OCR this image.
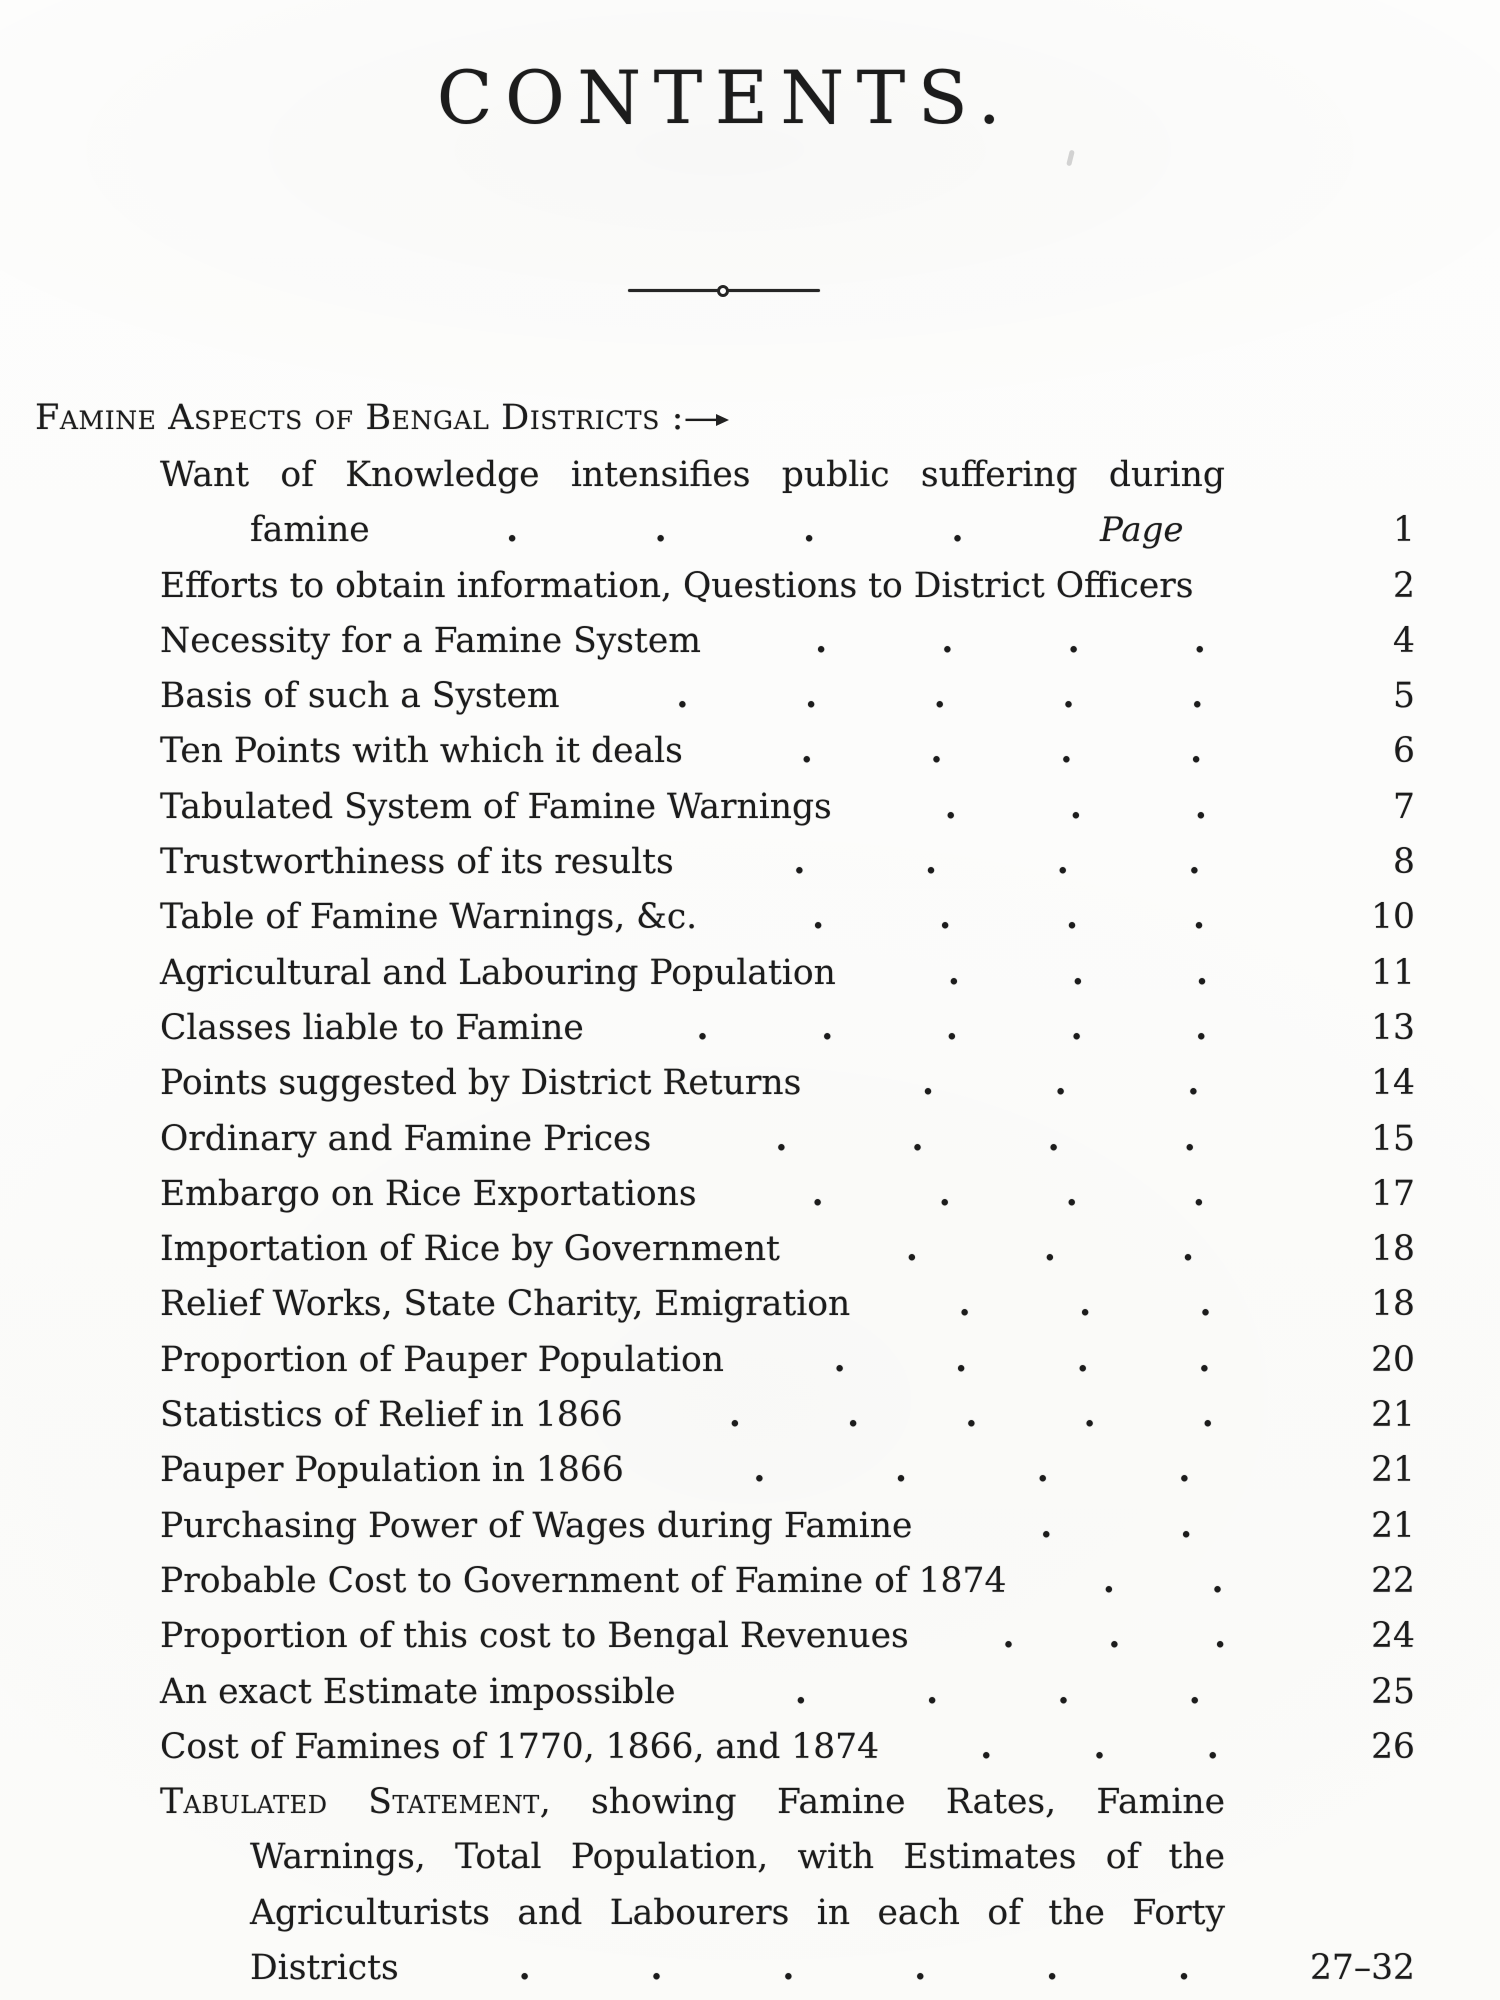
CONTENTS.
Famine Aspects of Bengal Districts :—
Want of Knowledge intensifies public suffering during
famine	.	.	.	.	Page	1
Efforts to obtain information, Questions to District Officers	2
Necessity for a Famine System	.	.	.	.	4
Basis of such a System	.	.	.	.	.	5
Ten Points with which it deals	.	.	.	.	6
Tabulated System of Famine Warnings	.	.	.	7
Trustworthiness of its results	.	.	.	.	8
Table of Famine Warnings, &c.	.	.	.	.	10
Agricultural and Labouring Population	.	.	.	11
Classes liable to Famine	.	.	.	.	.	13
Points suggested by District Returns	.	.	.	14
Ordinary and Famine Prices	.	.	.	.	15
Embargo on Rice Exportations	.	.	.	.	17
Importation of Rice by Government	.	.	.	18
Relief Works, State Charity, Emigration	.	.	.	18
Proportion of Pauper Population	.	.	.	.	20
Statistics of Relief in 1866	.	.	.	.	.	21
Pauper Population in 1866	.	.	.	.	21
Purchasing Power of Wages during Famine	.	.	21
Probable Cost to Government of Famine of 1874	.	.	22
Proportion of this cost to Bengal Revenues	.	.	.	24
An exact Estimate impossible	.	.	.	.	25
Cost of Famines of 1770, 1866, and 1874	.	.	.	26
Tabulated Statement, showing Famine Rates, Famine
Warnings, Total Population, with Estimates of the
Agriculturists and Labourers in each of the Forty
Districts	.	.	.	.	.	.	27–32
